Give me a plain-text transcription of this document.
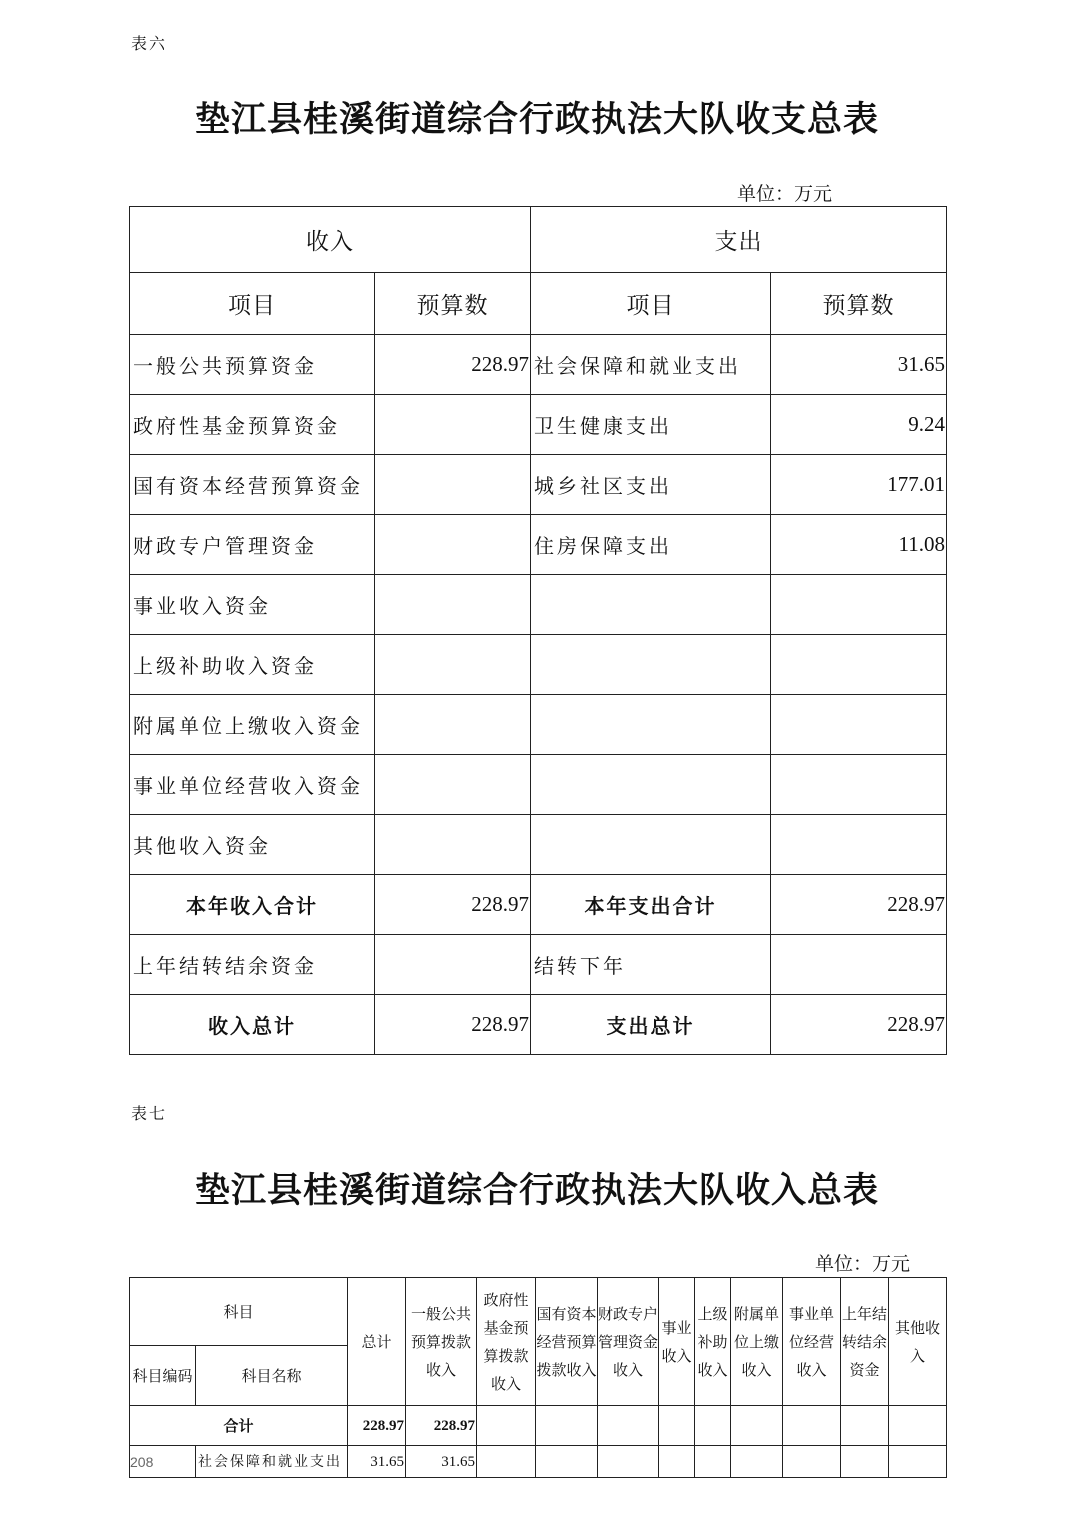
表六
垫江县桂溪街道综合行政执法大队收支总表
单位：万元
收入		支出	
项目	预算数	项目	预算数
一般公共预算资金	228.97	社会保障和就业支出	31.65
政府性基金预算资金		卫生健康支出	9.24
国有资本经营预算资金		城乡社区支出	177.01
财政专户管理资金		住房保障支出	11.08
事业收入资金			
上级补助收入资金			
附属单位上缴收入资金			
事业单位经营收入资金			
其他收入资金			
本年收入合计	228.97	本年支出合计	228.97
上年结转结余资金		结转下年	
收入总计	228.97	支出总计	228.97
表七
垫江县桂溪街道综合行政执法大队收入总表
单位：万元
科目		总计	一般公共预算拨款收入	政府性基金预算拨款收入	国有资本经营预算拨款收入	财政专户管理资金收入	事业收入	上级补助收入	附属单位上缴收入	事业单位经营收入	上年结转结余资金	其他收入
科目编码	科目名称											
合计		228.97	228.97									
208	社会保障和就业支出	31.65	31.65									
